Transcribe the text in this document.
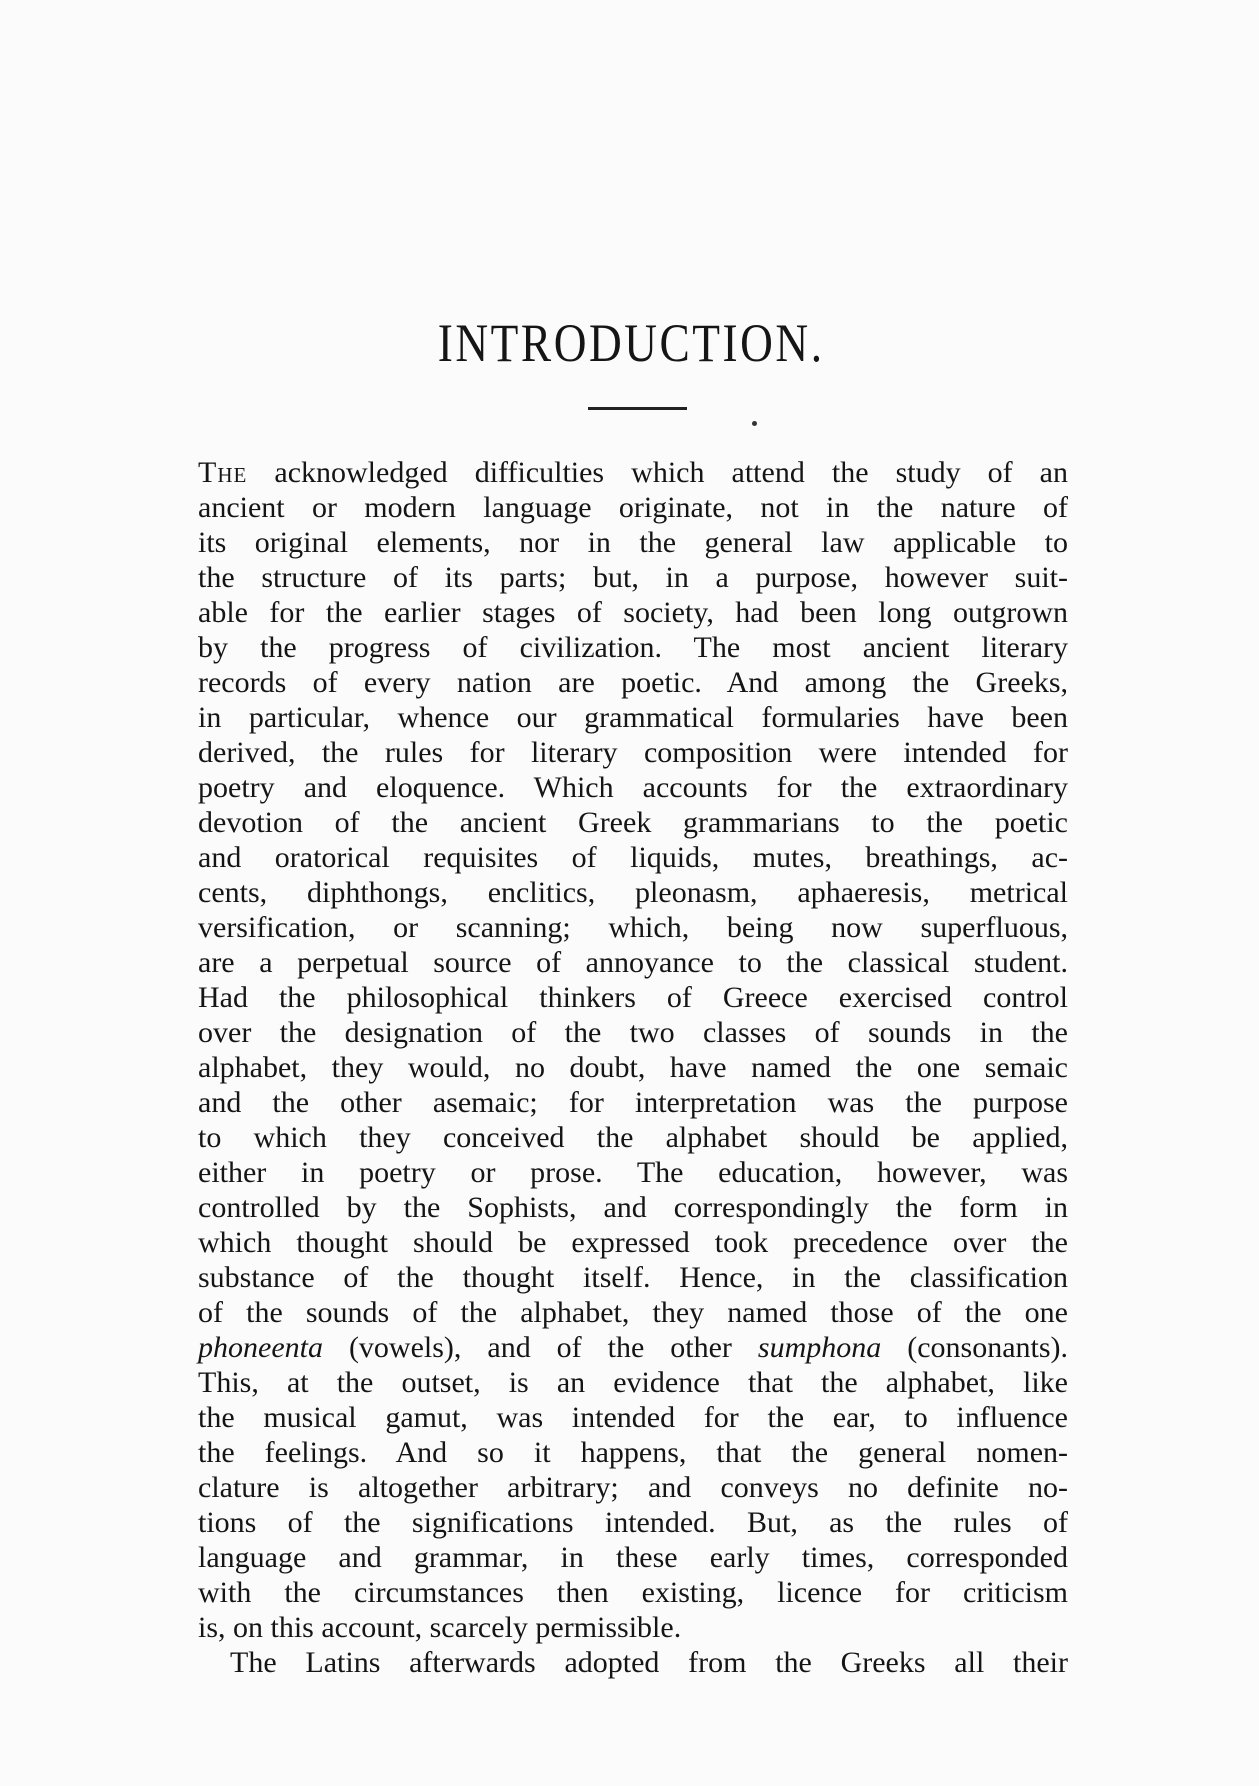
INTRODUCTION.
The acknowledged difficulties which attend the study of an
ancient or modern language originate, not in the nature of
its original elements, nor in the general law applicable to
the structure of its parts; but, in a purpose, however suit-
able for the earlier stages of society, had been long outgrown
by the progress of civilization. The most ancient literary
records of every nation are poetic. And among the Greeks,
in particular, whence our grammatical formularies have been
derived, the rules for literary composition were intended for
poetry and eloquence. Which accounts for the extraordinary
devotion of the ancient Greek grammarians to the poetic
and oratorical requisites of liquids, mutes, breathings, ac-
cents, diphthongs, enclitics, pleonasm, aphaeresis, metrical
versification, or scanning; which, being now superfluous,
are a perpetual source of annoyance to the classical student.
Had the philosophical thinkers of Greece exercised control
over the designation of the two classes of sounds in the
alphabet, they would, no doubt, have named the one semaic
and the other asemaic; for interpretation was the purpose
to which they conceived the alphabet should be applied,
either in poetry or prose. The education, however, was
controlled by the Sophists, and correspondingly the form in
which thought should be expressed took precedence over the
substance of the thought itself. Hence, in the classification
of the sounds of the alphabet, they named those of the one
phoneenta (vowels), and of the other sumphona (consonants).
This, at the outset, is an evidence that the alphabet, like
the musical gamut, was intended for the ear, to influence
the feelings. And so it happens, that the general nomen-
clature is altogether arbitrary; and conveys no definite no-
tions of the significations intended. But, as the rules of
language and grammar, in these early times, corresponded
with the circumstances then existing, licence for criticism
is, on this account, scarcely permissible.
The Latins afterwards adopted from the Greeks all their
